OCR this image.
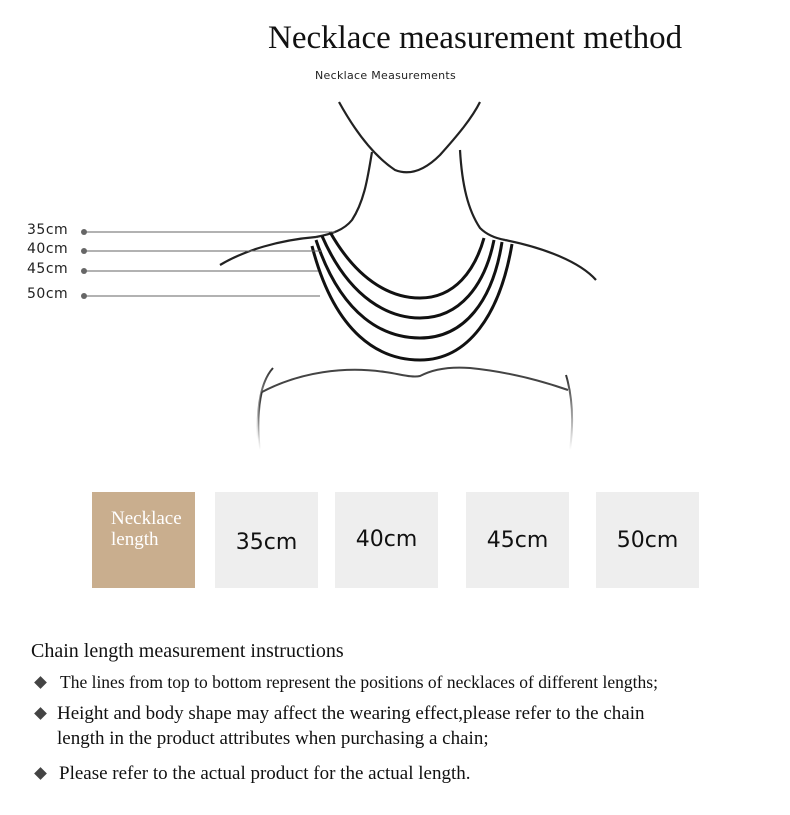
Necklace measurement method
Necklace Measurements
35cm
40cm
45cm
50cm
Necklace
length	35cm	40cm	45cm	50cm
Chain length measurement instructions
The lines from top to bottom represent the positions of necklaces of different lengths;
Height and body shape may affect the wearing effect,please refer to the chain
length in the product attributes when purchasing a chain;
Please refer to the actual product for the actual length.
